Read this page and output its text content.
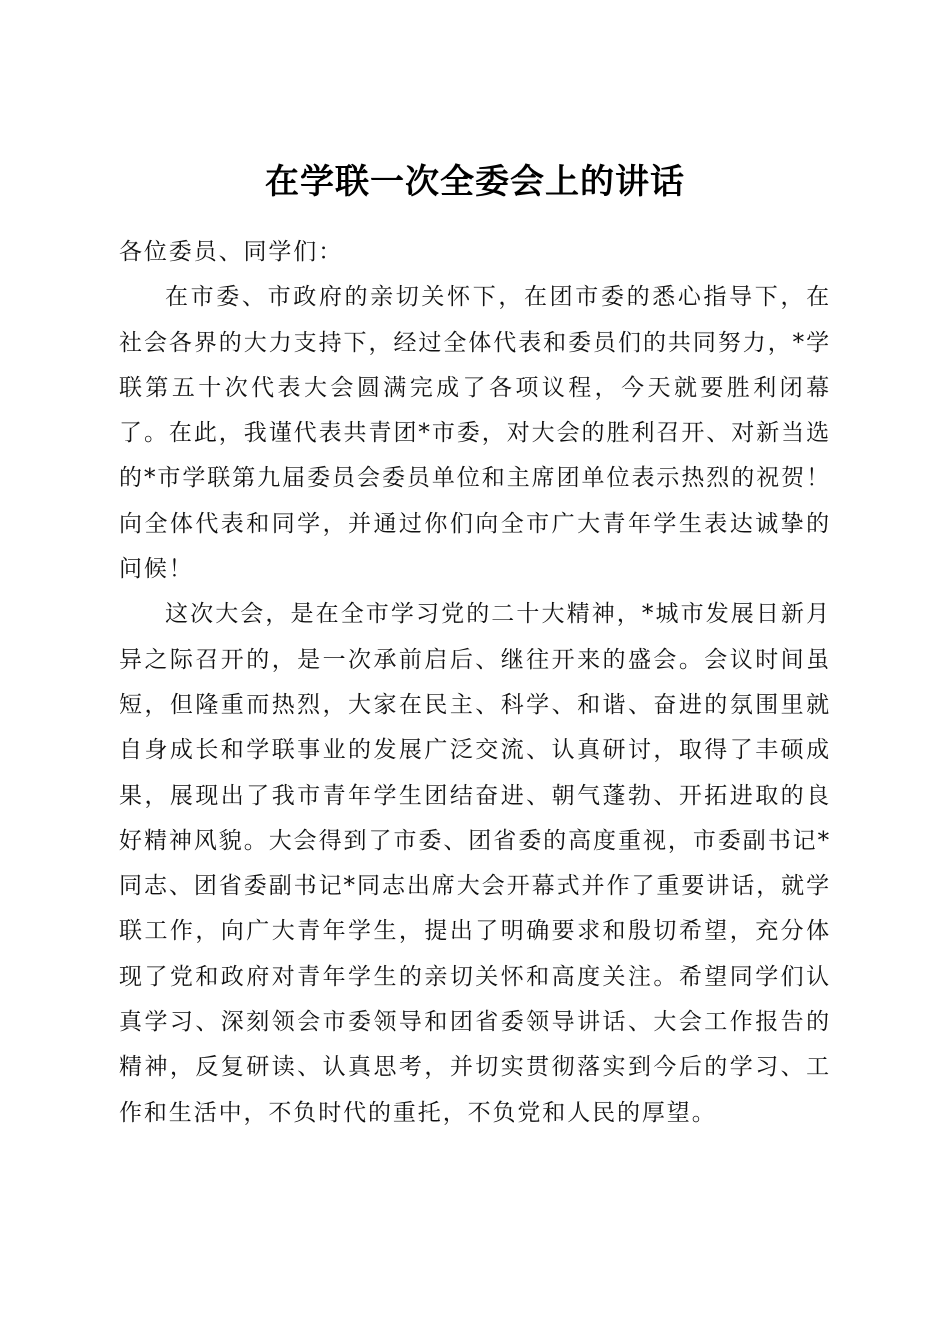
在学联一次全委会上的讲话

各位委员、同学们：

在市委、市政府的亲切关怀下，在团市委的悉心指导下，在社会各界的大力支持下，经过全体代表和委员们的共同努力，*学联第五十次代表大会圆满完成了各项议程，今天就要胜利闭幕了。在此，我谨代表共青团*市委，对大会的胜利召开、对新当选的*市学联第九届委员会委员单位和主席团单位表示热烈的祝贺！向全体代表和同学，并通过你们向全市广大青年学生表达诚挚的问候！

这次大会，是在全市学习党的二十大精神，*城市发展日新月异之际召开的，是一次承前启后、继往开来的盛会。会议时间虽短，但隆重而热烈，大家在民主、科学、和谐、奋进的氛围里就自身成长和学联事业的发展广泛交流、认真研讨，取得了丰硕成果，展现出了我市青年学生团结奋进、朝气蓬勃、开拓进取的良好精神风貌。大会得到了市委、团省委的高度重视，市委副书记*同志、团省委副书记*同志出席大会开幕式并作了重要讲话，就学联工作，向广大青年学生，提出了明确要求和殷切希望，充分体现了党和政府对青年学生的亲切关怀和高度关注。希望同学们认真学习、深刻领会市委领导和团省委领导讲话、大会工作报告的精神，反复研读、认真思考，并切实贯彻落实到今后的学习、工作和生活中，不负时代的重托，不负党和人民的厚望。
